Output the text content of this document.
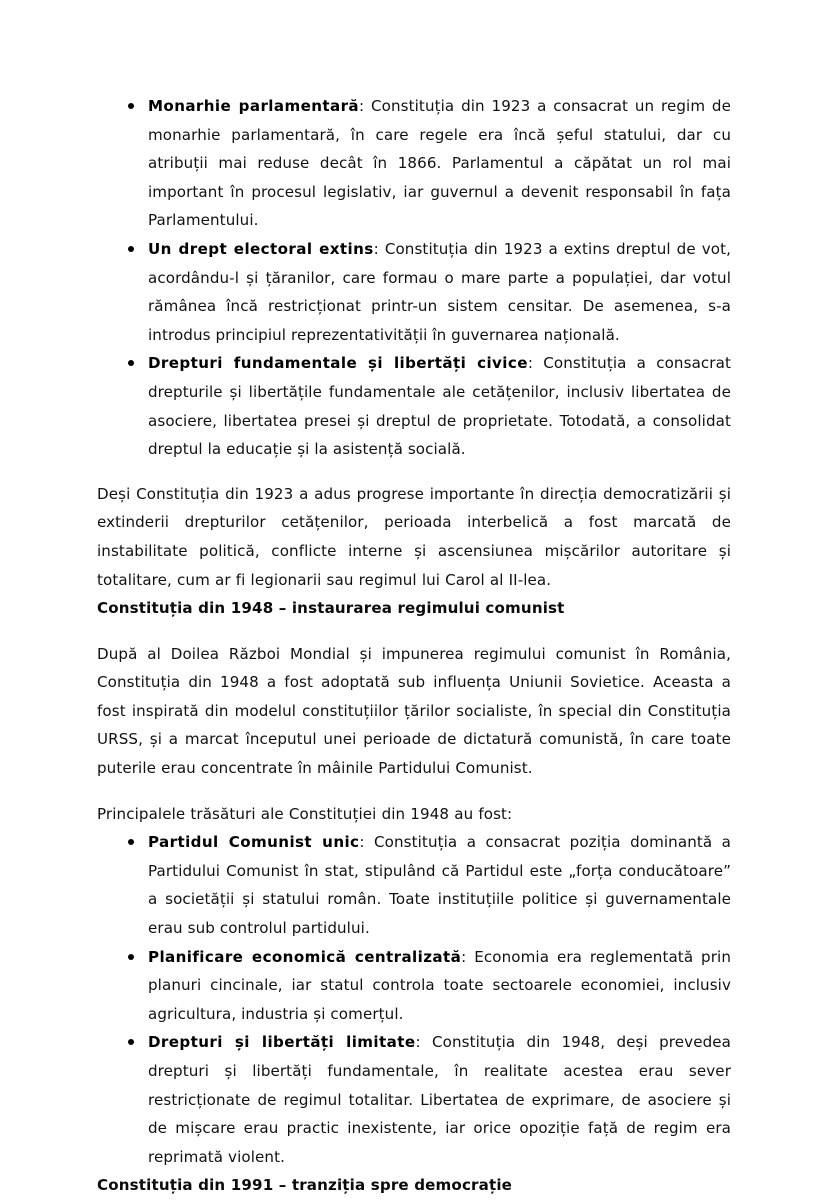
Monarhie parlamentară: Constituția din 1923 a consacrat un regim de monarhie parlamentară, în care regele era încă șeful statului, dar cu atribuții mai reduse decât în 1866. Parlamentul a căpătat un rol mai important în procesul legislativ, iar guvernul a devenit responsabil în fața Parlamentului.
Un drept electoral extins: Constituția din 1923 a extins dreptul de vot, acordându-l și țăranilor, care formau o mare parte a populației, dar votul rămânea încă restricționat printr-un sistem censitar. De asemenea, s-a introdus principiul reprezentativității în guvernarea națională.
Drepturi fundamentale și libertăți civice: Constituția a consacrat drepturile și libertățile fundamentale ale cetățenilor, inclusiv libertatea de asociere, libertatea presei și dreptul de proprietate. Totodată, a consolidat dreptul la educație și la asistență socială.

Deși Constituția din 1923 a adus progrese importante în direcția democratizării și extinderii drepturilor cetățenilor, perioada interbelică a fost marcată de instabilitate politică, conflicte interne și ascensiunea mișcărilor autoritare și totalitare, cum ar fi legionarii sau regimul lui Carol al II-lea.

Constituția din 1948 – instaurarea regimului comunist

După al Doilea Război Mondial și impunerea regimului comunist în România, Constituția din 1948 a fost adoptată sub influența Uniunii Sovietice. Aceasta a fost inspirată din modelul constituțiilor țărilor socialiste, în special din Constituția URSS, și a marcat începutul unei perioade de dictatură comunistă, în care toate puterile erau concentrate în mâinile Partidului Comunist.

Principalele trăsături ale Constituției din 1948 au fost:

Partidul Comunist unic: Constituția a consacrat poziția dominantă a Partidului Comunist în stat, stipulând că Partidul este „forța conducătoare” a societății și statului român. Toate instituțiile politice și guvernamentale erau sub controlul partidului.
Planificare economică centralizată: Economia era reglementată prin planuri cincinale, iar statul controla toate sectoarele economiei, inclusiv agricultura, industria și comerțul.
Drepturi și libertăți limitate: Constituția din 1948, deși prevedea drepturi și libertăți fundamentale, în realitate acestea erau sever restricționate de regimul totalitar. Libertatea de exprimare, de asociere și de mișcare erau practic inexistente, iar orice opoziție față de regim era reprimată violent.
Constituția din 1991 – tranziția spre democrație
